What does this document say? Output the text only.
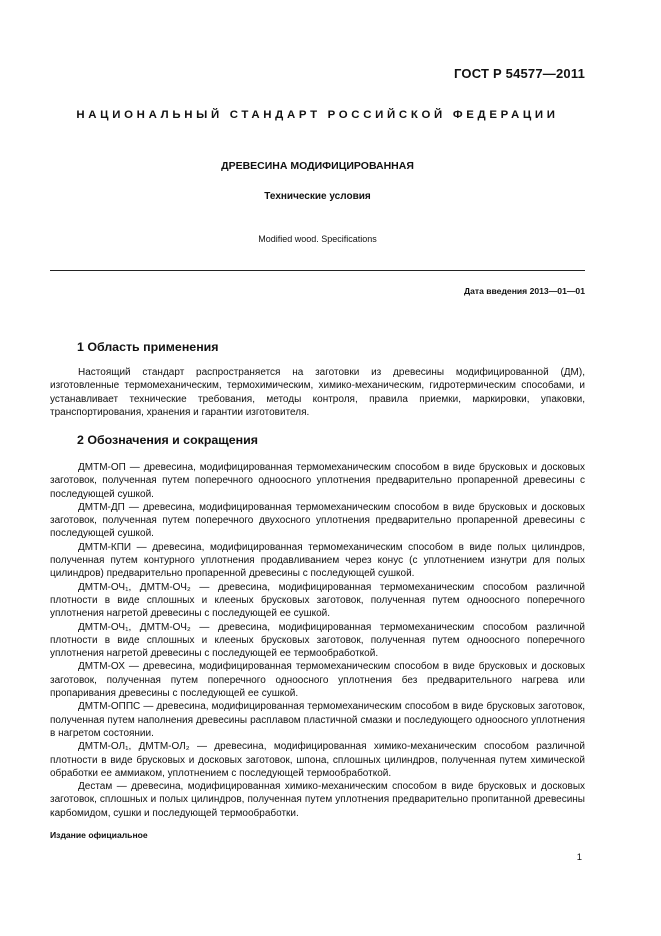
ГОСТ Р 54577—2011
НАЦИОНАЛЬНЫЙ СТАНДАРТ РОССИЙСКОЙ ФЕДЕРАЦИИ
ДРЕВЕСИНА МОДИФИЦИРОВАННАЯ
Технические условия
Modified wood. Specifications
Дата введения 2013—01—01
1 Область применения

Настоящий стандарт распространяется на заготовки из древесины модифицированной (ДМ), изготовленные термомеханическим, термохимическим, химико-механическим, гидротермическим способами, и устанавливает технические требования, методы контроля, правила приемки, маркировки, упаковки, транспортирования, хранения и гарантии изготовителя.

2 Обозначения и сокращения

ДМТМ-ОП — древесина, модифицированная термомеханическим способом в виде брусковых и досковых заготовок, полученная путем поперечного одноосного уплотнения предварительно пропаренной древесины с последующей сушкой.

ДМТМ-ДП — древесина, модифицированная термомеханическим способом в виде брусковых и досковых заготовок, полученная путем поперечного двухосного уплотнения предварительно пропаренной древесины с последующей сушкой.

ДМТМ-КПИ — древесина, модифицированная термомеханическим способом в виде полых цилиндров, полученная путем контурного уплотнения продавливанием через конус (с уплотнением изнутри для полых цилиндров) предварительно пропаренной древесины с последующей сушкой.

ДМТМ-ОЧ₁, ДМТМ-ОЧ₂ — древесина, модифицированная термомеханическим способом различной плотности в виде сплошных и клееных брусковых заготовок, полученная путем одноосного поперечного уплотнения нагретой древесины с последующей ее сушкой.

ДМТМ-ОЧ₁, ДМТМ-ОЧ₂ — древесина, модифицированная термомеханическим способом различной плотности в виде сплошных и клееных брусковых заготовок, полученная путем одноосного поперечного уплотнения нагретой древесины с последующей ее термообработкой.

ДМТМ-ОХ — древесина, модифицированная термомеханическим способом в виде брусковых и досковых заготовок, полученная путем поперечного одноосного уплотнения без предварительного нагрева или пропаривания древесины с последующей ее сушкой.

ДМТМ-ОППС — древесина, модифицированная термомеханическим способом в виде брусковых заготовок, полученная путем наполнения древесины расплавом пластичной смазки и последующего одноосного уплотнения в нагретом состоянии.

ДМТМ-ОЛ₁, ДМТМ-ОЛ₂ — древесина, модифицированная химико-механическим способом различной плотности в виде брусковых и досковых заготовок, шпона, сплошных цилиндров, полученная путем химической обработки ее аммиаком, уплотнением с последующей термообработкой.

Дестам — древесина, модифицированная химико-механическим способом в виде брусковых и досковых заготовок, сплошных и полых цилиндров, полученная путем уплотнения предварительно пропитанной древесины карбомидом, сушки и последующей термообработки.

Издание официальное
1
